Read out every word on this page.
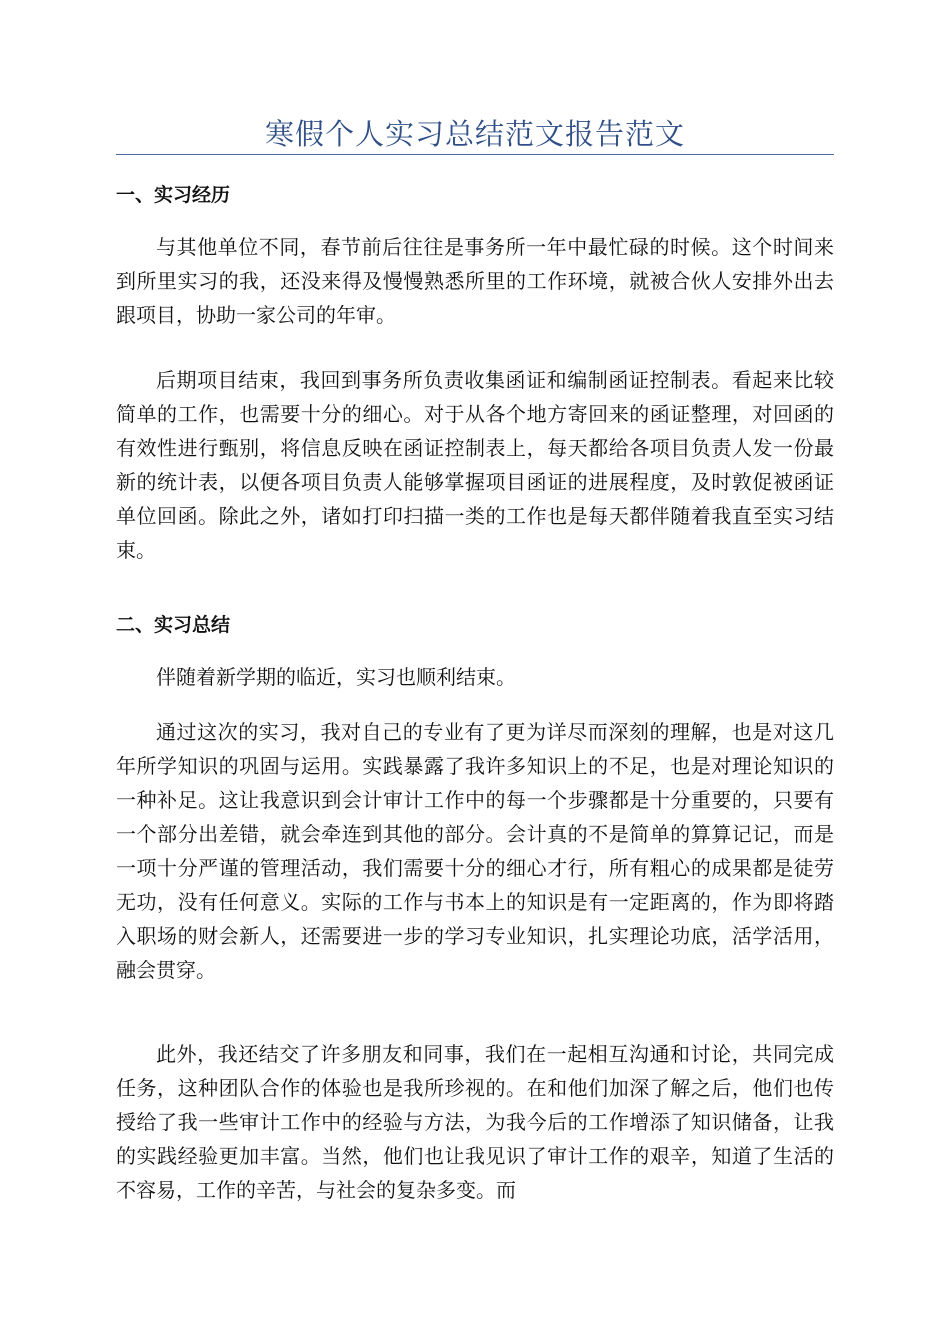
寒假个人实习总结范文报告范文
一、实习经历

与其他单位不同，春节前后往往是事务所一年中最忙碌的时候。这个时间来到所里实习的我，还没来得及慢慢熟悉所里的工作环境，就被合伙人安排外出去跟项目，协助一家公司的年审。

后期项目结束，我回到事务所负责收集函证和编制函证控制表。看起来比较简单的工作，也需要十分的细心。对于从各个地方寄回来的函证整理，对回函的有效性进行甄别，将信息反映在函证控制表上，每天都给各项目负责人发一份最新的统计表，以便各项目负责人能够掌握项目函证的进展程度，及时敦促被函证单位回函。除此之外，诸如打印扫描一类的工作也是每天都伴随着我直至实习结束。

二、实习总结

伴随着新学期的临近，实习也顺利结束。

通过这次的实习，我对自己的专业有了更为详尽而深刻的理解，也是对这几年所学知识的巩固与运用。实践暴露了我许多知识上的不足，也是对理论知识的一种补足。这让我意识到会计审计工作中的每一个步骤都是十分重要的，只要有一个部分出差错，就会牵连到其他的部分。会计真的不是简单的算算记记，而是一项十分严谨的管理活动，我们需要十分的细心才行，所有粗心的成果都是徒劳无功，没有任何意义。实际的工作与书本上的知识是有一定距离的，作为即将踏入职场的财会新人，还需要进一步的学习专业知识，扎实理论功底，活学活用，融会贯穿。

此外，我还结交了许多朋友和同事，我们在一起相互沟通和讨论，共同完成任务，这种团队合作的体验也是我所珍视的。在和他们加深了解之后，他们也传授给了我一些审计工作中的经验与方法，为我今后的工作增添了知识储备，让我的实践经验更加丰富。当然，他们也让我见识了审计工作的艰辛，知道了生活的不容易，工作的辛苦，与社会的复杂多变。而
